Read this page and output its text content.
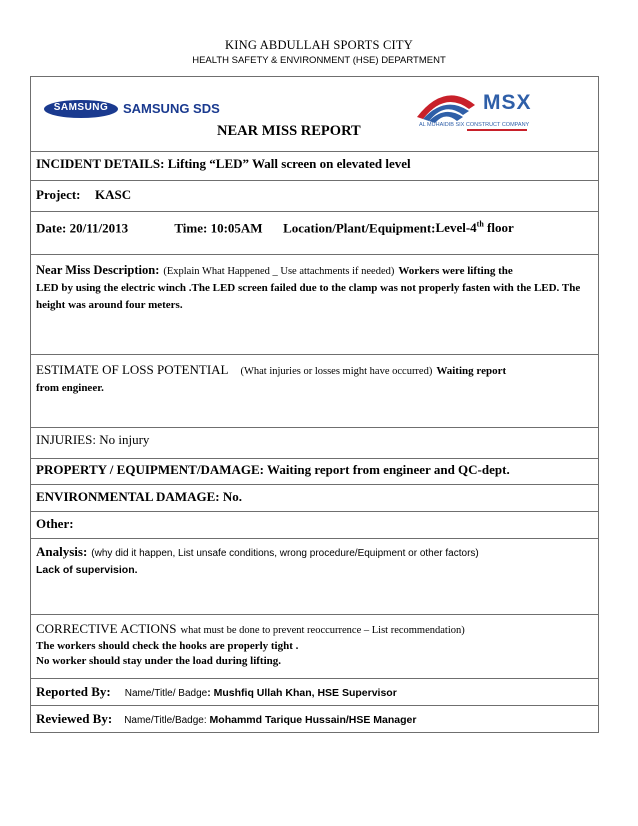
KING ABDULLAH SPORTS CITY
HEALTH SAFETY & ENVIRONMENT (HSE) DEPARTMENT
SAMSUNG	SAMSUNG SDS	MSX
AL MUHAIDIB SIX CONSTRUCT COMPANY
NEAR MISS REPORT

INCIDENT DETAILS: Lifting “LED” Wall screen on elevated level
Project: KASC
Date: 20/11/2013	Time: 10:05AM Location/Plant/Equipment:Level-4th floor
Near Miss Description: (Explain What Happened _ Use attachments if needed) Workers were lifting the
LED by using the electric winch .The LED screen failed due to the clamp was not properly fasten with the LED. The height was around four meters.

ESTIMATE OF LOSS POTENTIAL (What injuries or losses might have occurred) Waiting report
from engineer.

INJURIES: No injury
PROPERTY / EQUIPMENT/DAMAGE: Waiting report from engineer and QC-dept.
ENVIRONMENTAL DAMAGE: No.
Other:

Analysis: (why did it happen, List unsafe conditions, wrong procedure/Equipment or other factors)
Lack of supervision.

CORRECTIVE ACTIONS what must be done to prevent reoccurrence – List recommendation)
The workers should check the hooks are properly tight .
No worker should stay under the load during lifting.

Reported By: Name/Title/ Badge: Mushfiq Ullah Khan, HSE Supervisor
Reviewed By: Name/Title/Badge: Mohammd Tarique Hussain/HSE Manager
